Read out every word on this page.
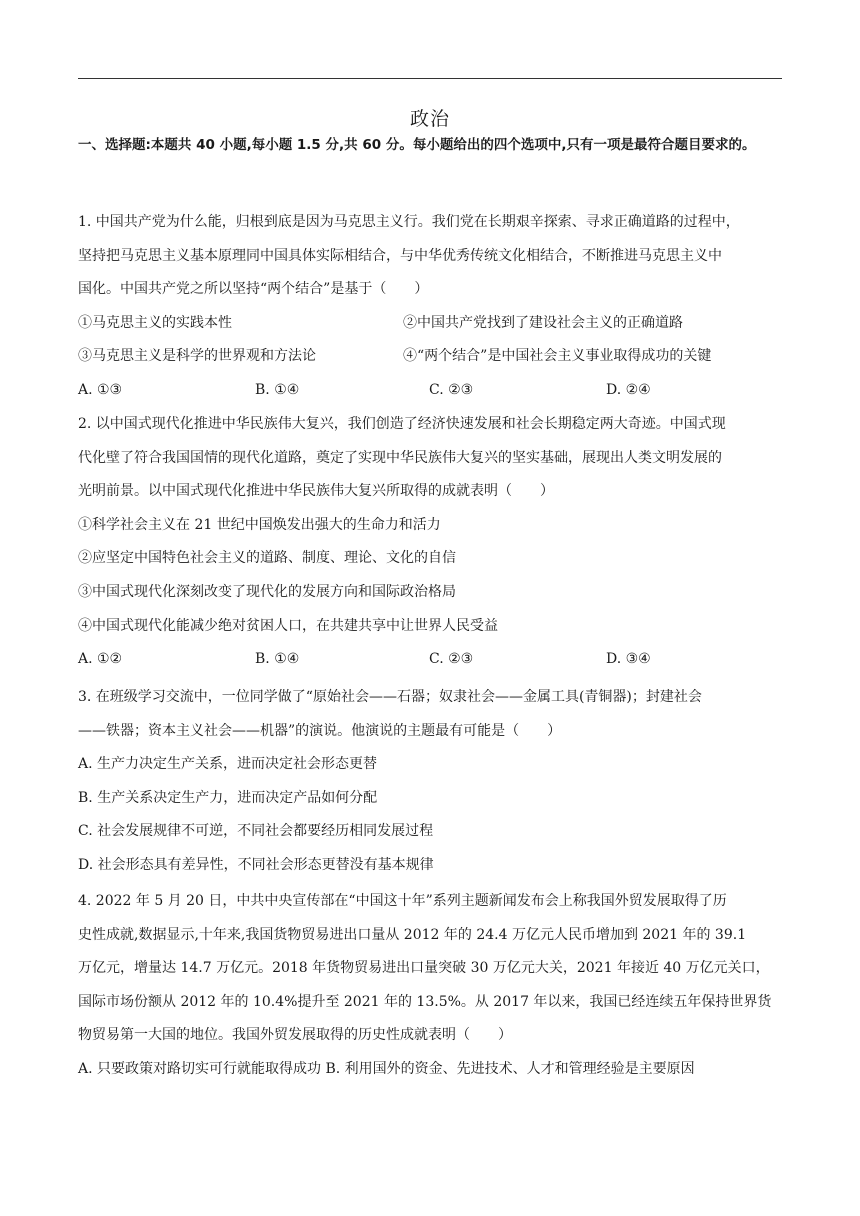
政治
一、选择题:本题共 40 小题,每小题 1.5 分,共 60 分。每小题给出的四个选项中,只有一项是最符合题目要求的。
1. 中国共产党为什么能，归根到底是因为马克思主义行。我们党在长期艰辛探索、寻求正确道路的过程中，
坚持把马克思主义基本原理同中国具体实际相结合，与中华优秀传统文化相结合，不断推进马克思主义中
国化。中国共产党之所以坚持“两个结合”是基于（　　）
①马克思主义的实践本性	②中国共产党找到了建设社会主义的正确道路
③马克思主义是科学的世界观和方法论	④“两个结合”是中国社会主义事业取得成功的关键
A. ①③	B. ①④	C. ②③	D. ②④
2. 以中国式现代化推进中华民族伟大复兴，我们创造了经济快速发展和社会长期稳定两大奇迹。中国式现
代化壁了符合我国国情的现代化道路，奠定了实现中华民族伟大复兴的坚实基础，展现出人类文明发展的
光明前景。以中国式现代化推进中华民族伟大复兴所取得的成就表明（　　）
①科学社会主义在 21 世纪中国焕发出强大的生命力和活力
②应坚定中国特色社会主义的道路、制度、理论、文化的自信
③中国式现代化深刻改变了现代化的发展方向和国际政治格局
④中国式现代化能减少绝对贫困人口，在共建共享中让世界人民受益
A. ①②	B. ①④	C. ②③	D. ③④
3. 在班级学习交流中，一位同学做了“原始社会——石器；奴隶社会——金属工具(青铜器)；封建社会
——铁器；资本主义社会——机器”的演说。他演说的主题最有可能是（　　）
A. 生产力决定生产关系，进而决定社会形态更替
B. 生产关系决定生产力，进而决定产品如何分配
C. 社会发展规律不可逆，不同社会都要经历相同发展过程
D. 社会形态具有差异性，不同社会形态更替没有基本规律
4. 2022 年 5 月 20 日，中共中央宣传部在“中国这十年”系列主题新闻发布会上称我国外贸发展取得了历
史性成就,数据显示,十年来,我国货物贸易进出口量从 2012 年的 24.4 万亿元人民币增加到 2021 年的 39.1
万亿元，增量达 14.7 万亿元。2018 年货物贸易进出口量突破 30 万亿元大关，2021 年接近 40 万亿元关口，
国际市场份额从 2012 年的 10.4%提升至 2021 年的 13.5%。从 2017 年以来，我国已经连续五年保持世界货
物贸易第一大国的地位。我国外贸发展取得的历史性成就表明（　　）
A. 只要政策对路切实可行就能取得成功 B. 利用国外的资金、先进技术、人才和管理经验是主要原因
